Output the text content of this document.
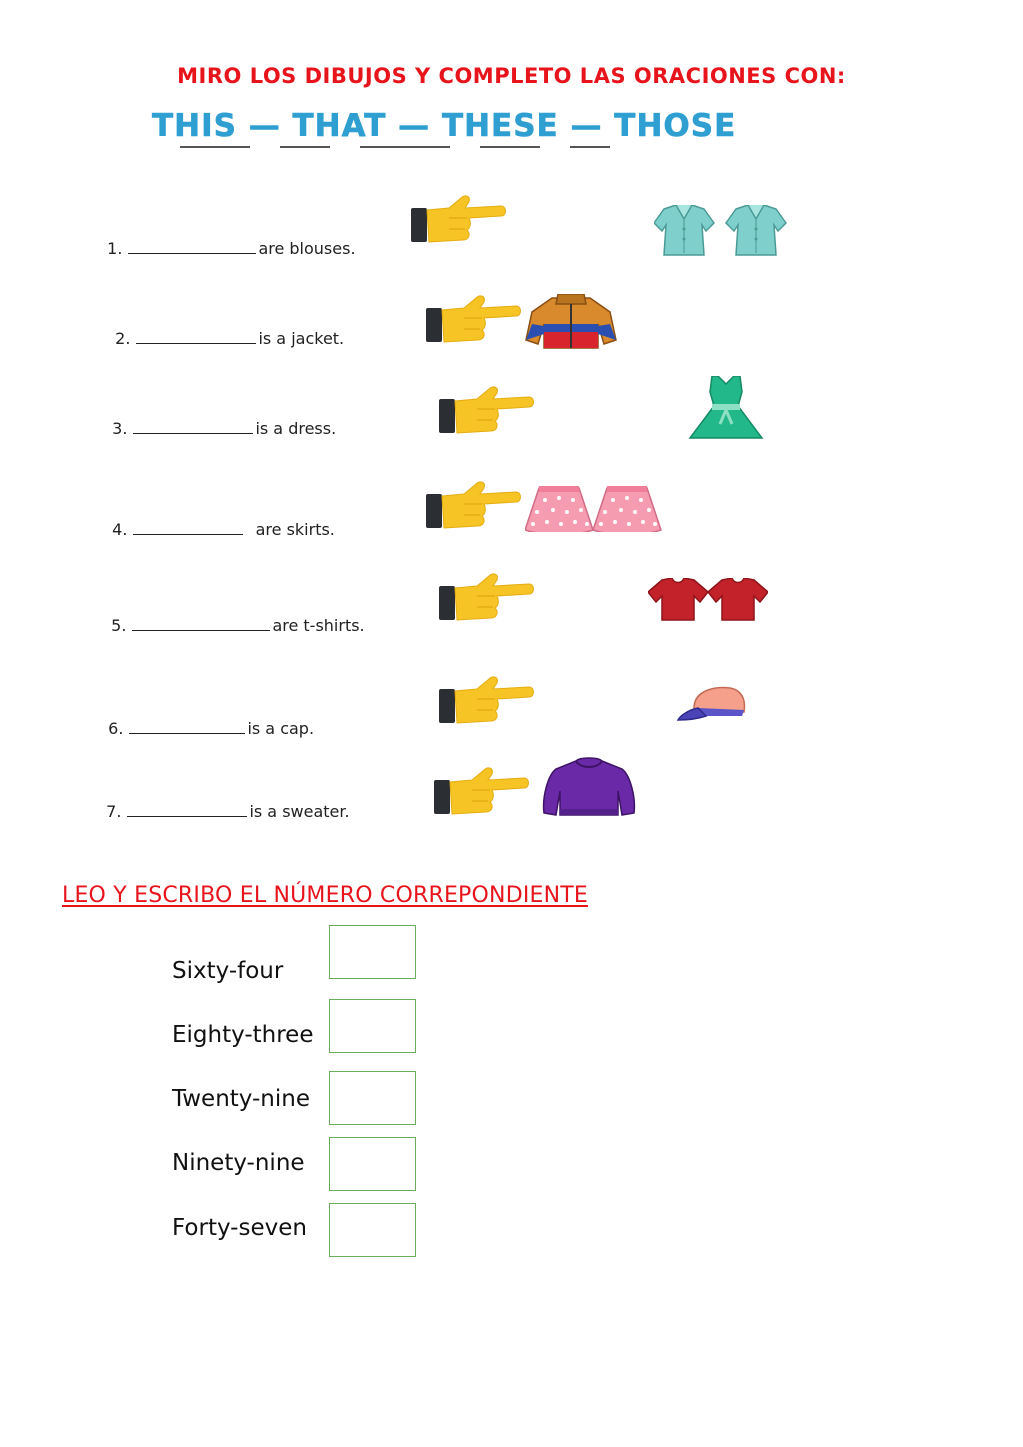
MIRO LOS DIBUJOS Y COMPLETO LAS ORACIONES CON:
THIS — THAT — THESE — THOSE

1.	are blouses.

2.	is a jacket.

3.	is a dress.

4.	are skirts.

5.	are t-shirts.

6.	is a cap.

7.	is a sweater.

LEO Y ESCRIBO EL NÚMERO CORREPONDIENTE
Sixty-four
Eighty-three
Twenty-nine
Ninety-nine
Forty-seven
